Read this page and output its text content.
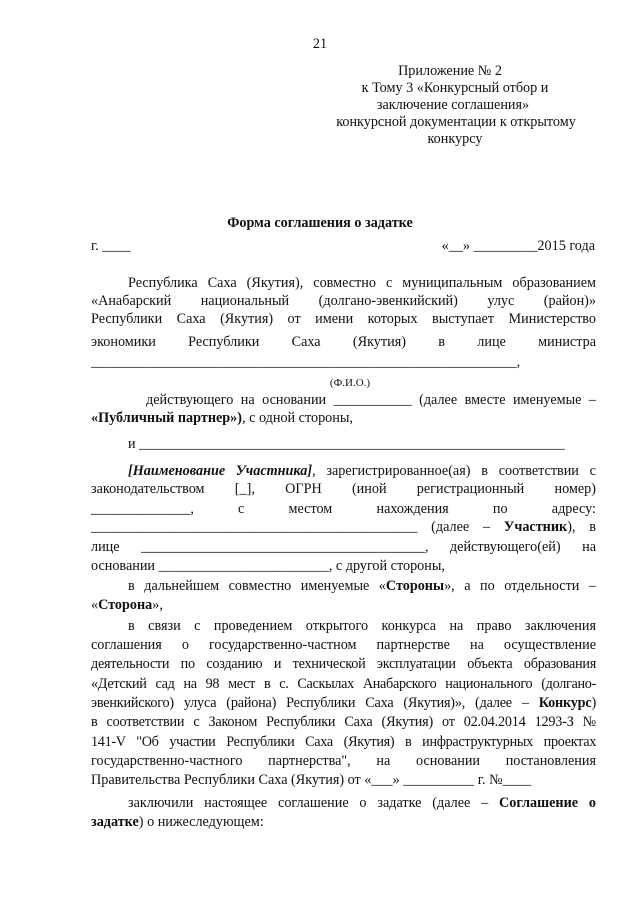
21
Приложение № 2
к Тому 3 «Конкурсный отбор и
заключение соглашения»
конкурсной документации к открытому
конкурсу
Форма соглашения о задатке
г. ____	«__» _________2015 года
Республика Саха (Якутия), совместно с муниципальным образованием
«Анабарский национальный (долгано-эвенкийский) улус (район)»
Республики Саха (Якутия) от имени которых выступает Министерство
экономики Республики Саха (Якутия) в лице министра
____________________________________________________________,
(Ф.И.О.)
действующего на основании ___________ (далее вместе именуемые –
«Публичный партнер»), с одной стороны,
и ____________________________________________________________
[Наименование Участника], зарегистрированное(ая) в соответствии с
законодательством [_], ОГРН (иной регистрационный номер)
______________, с местом нахождения по адресу:
______________________________________________ (далее – Участник), в
лице ________________________________________, действующего(ей) на
основании ________________________, с другой стороны,
в дальнейшем совместно именуемые «Стороны», а по отдельности –
«Сторона»,
в связи с проведением открытого конкурса на право заключения
соглашения о государственно-частном партнерстве на осуществление
деятельности по созданию и технической эксплуатации объекта образования
«Детский сад на 98 мест в с. Саскылах Анабарского национального (долгано-
эвенкийского) улуса (района) Республики Саха (Якутия)», (далее – Конкурс)
в соответствии с Законом Республики Саха (Якутия) от 02.04.2014 1293-З №
141-V "Об участии Республики Саха (Якутия) в инфраструктурных проектах
государственно-частного партнерства", на основании постановления
Правительства Республики Саха (Якутия) от «___» __________ г. №____
заключили настоящее соглашение о задатке (далее – Соглашение о
задатке) о нижеследующем:
